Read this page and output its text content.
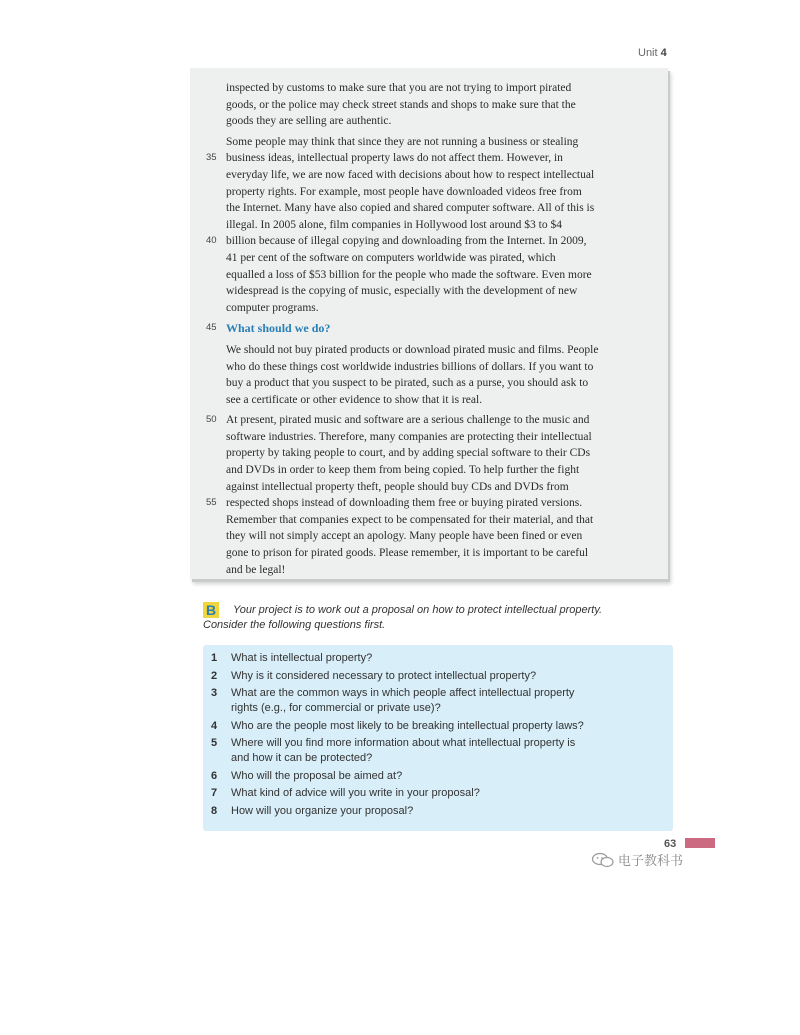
Unit 4
inspected by customs to make sure that you are not trying to import pirated
goods, or the police may check street stands and shops to make sure that the
goods they are selling are authentic.
Some people may think that since they are not running a business or stealing
business ideas, intellectual property laws do not affect them. However, in
35
everyday life, we are now faced with decisions about how to respect intellectual
property rights. For example, most people have downloaded videos free from
the Internet. Many have also copied and shared computer software. All of this is
illegal. In 2005 alone, film companies in Hollywood lost around $3 to $4
billion because of illegal copying and downloading from the Internet. In 2009,
40
41 per cent of the software on computers worldwide was pirated, which
equalled a loss of $53 billion for the people who made the software. Even more
widespread is the copying of music, especially with the development of new
computer programs.
What should we do?
45
We should not buy pirated products or download pirated music and films. People
who do these things cost worldwide industries billions of dollars. If you want to
buy a product that you suspect to be pirated, such as a purse, you should ask to
see a certificate or other evidence to show that it is real.
At present, pirated music and software are a serious challenge to the music and
50
software industries. Therefore, many companies are protecting their intellectual
property by taking people to court, and by adding special software to their CDs
and DVDs in order to keep them from being copied. To help further the fight
against intellectual property theft, people should buy CDs and DVDs from
respected shops instead of downloading them free or buying pirated versions.
55
Remember that companies expect to be compensated for their material, and that
they will not simply accept an apology. Many people have been fined or even
gone to prison for pirated goods. Please remember, it is important to be careful
and be legal!
B Your project is to work out a proposal on how to protect intellectual property.
Consider the following questions first.
1 What is intellectual property?
2 Why is it considered necessary to protect intellectual property?
3 What are the common ways in which people affect intellectual property
rights (e.g., for commercial or private use)?
4 Who are the people most likely to be breaking intellectual property laws?
5 Where will you find more information about what intellectual property is
and how it can be protected?
6 Who will the proposal be aimed at?
7 What kind of advice will you write in your proposal?
8 How will you organize your proposal?
63
电子教科书
